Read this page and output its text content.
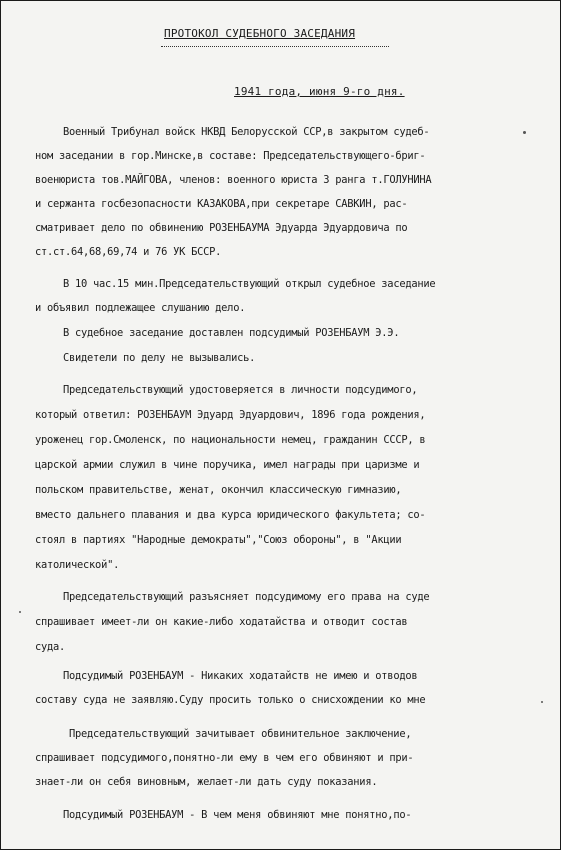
ПРОТОКОЛ СУДЕБНОГО ЗАСЕДАНИЯ
1941 года, июня 9-го дня.
Военный Трибунал войск НКВД Белорусской ССР,в закрытом судеб-
ном заседании в гор.Минске,в составе: Председательствующего-бриг-
военюриста тов.МАЙГОВА, членов: военного юриста 3 ранга т.ГОЛУНИНА
и сержанта госбезопасности КАЗАКОВА,при секретаре САВКИН, рас-
сматривает дело по обвинению РОЗЕНБАУМА Эдуарда Эдуардовича по
ст.ст.64,68,69,74 и 76 УК БССР.
В 10 час.15 мин.Председательствующий открыл судебное заседание
и объявил подлежащее слушанию дело.
В судебное заседание доставлен подсудимый РОЗЕНБАУМ Э.Э.
Свидетели по делу не вызывались.
Председательствующий удостоверяется в личности подсудимого,
который ответил: РОЗЕНБАУМ Эдуард Эдуардович, 1896 года рождения,
уроженец гор.Смоленск, по национальности немец, гражданин СССР, в
царской армии служил в чине поручика, имел награды при царизме и
польском правительстве, женат, окончил классическую гимназию,
вместо дальнего плавания и два курса юридического факультета; со-
стоял в партиях "Народные демократы","Союз обороны", в "Акции
католической".
Председательствующий разъясняет подсудимому его права на суде
спрашивает имеет-ли он какие-либо ходатайства и отводит состав
суда.
Подсудимый РОЗЕНБАУМ - Никаких ходатайств не имею и отводов
составу суда не заявляю.Суду просить только о снисхождении ко мне
Председательствующий зачитывает обвинительное заключение,
спрашивает подсудимого,понятно-ли ему в чем его обвиняют и при-
знает-ли он себя виновным, желает-ли дать суду показания.
Подсудимый РОЗЕНБАУМ - В чем меня обвиняют мне понятно,по-
